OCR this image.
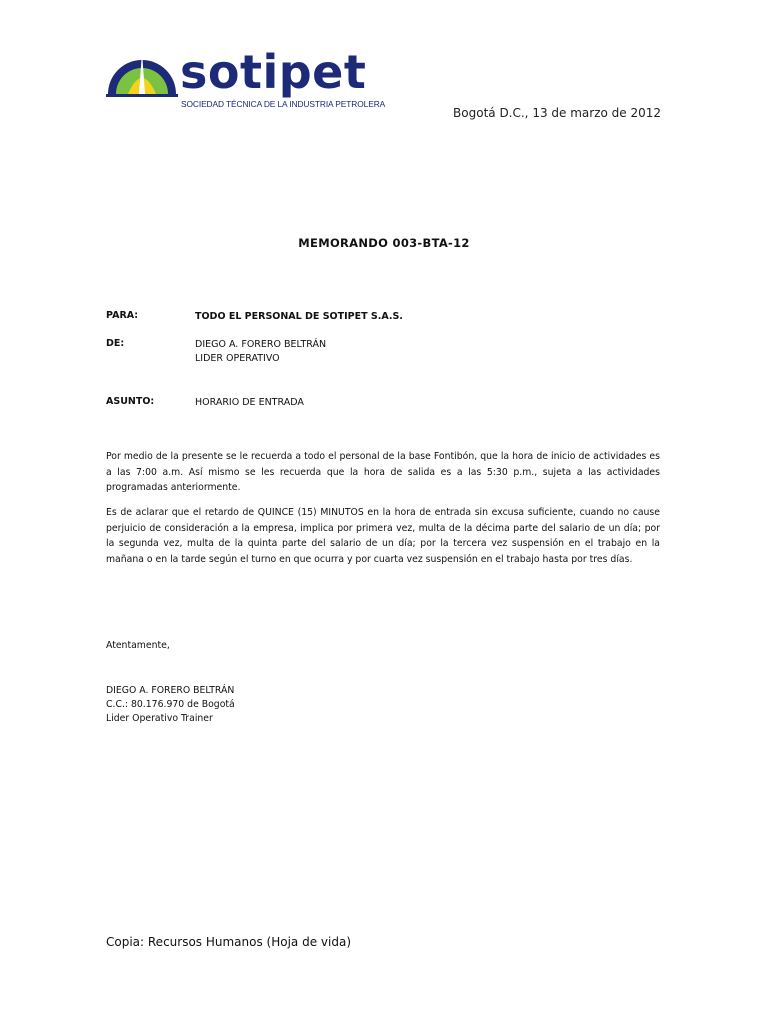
sotipet
SOCIEDAD TÉCNICA DE LA INDUSTRIA PETROLERA
Bogotá D.C., 13 de marzo de 2012
MEMORANDO 003-BTA-12
PARA:	TODO EL PERSONAL DE SOTIPET S.A.S.
DE:	DIEGO A. FORERO BELTRÁN
LIDER OPERATIVO
ASUNTO:	HORARIO DE ENTRADA

Por medio de la presente se le recuerda a todo el personal de la base Fontibón, que la hora de inicio de actividades es a las 7:00 a.m. Así mismo se les recuerda que la hora de salida es a las 5:30 p.m., sujeta a las actividades programadas anteriormente.

Es de aclarar que el retardo de QUINCE (15) MINUTOS en la hora de entrada sin excusa suficiente, cuando no cause perjuicio de consideración a la empresa, implica por primera vez, multa de la décima parte del salario de un día; por la segunda vez, multa de la quinta parte del salario de un día; por la tercera vez suspensión en el trabajo en la mañana o en la tarde según el turno en que ocurra y por cuarta vez suspensión en el trabajo hasta por tres días.

Atentamente,
DIEGO A. FORERO BELTRÁN
C.C.: 80.176.970 de Bogotá
Lider Operativo Trainer
Copia: Recursos Humanos (Hoja de vida)
